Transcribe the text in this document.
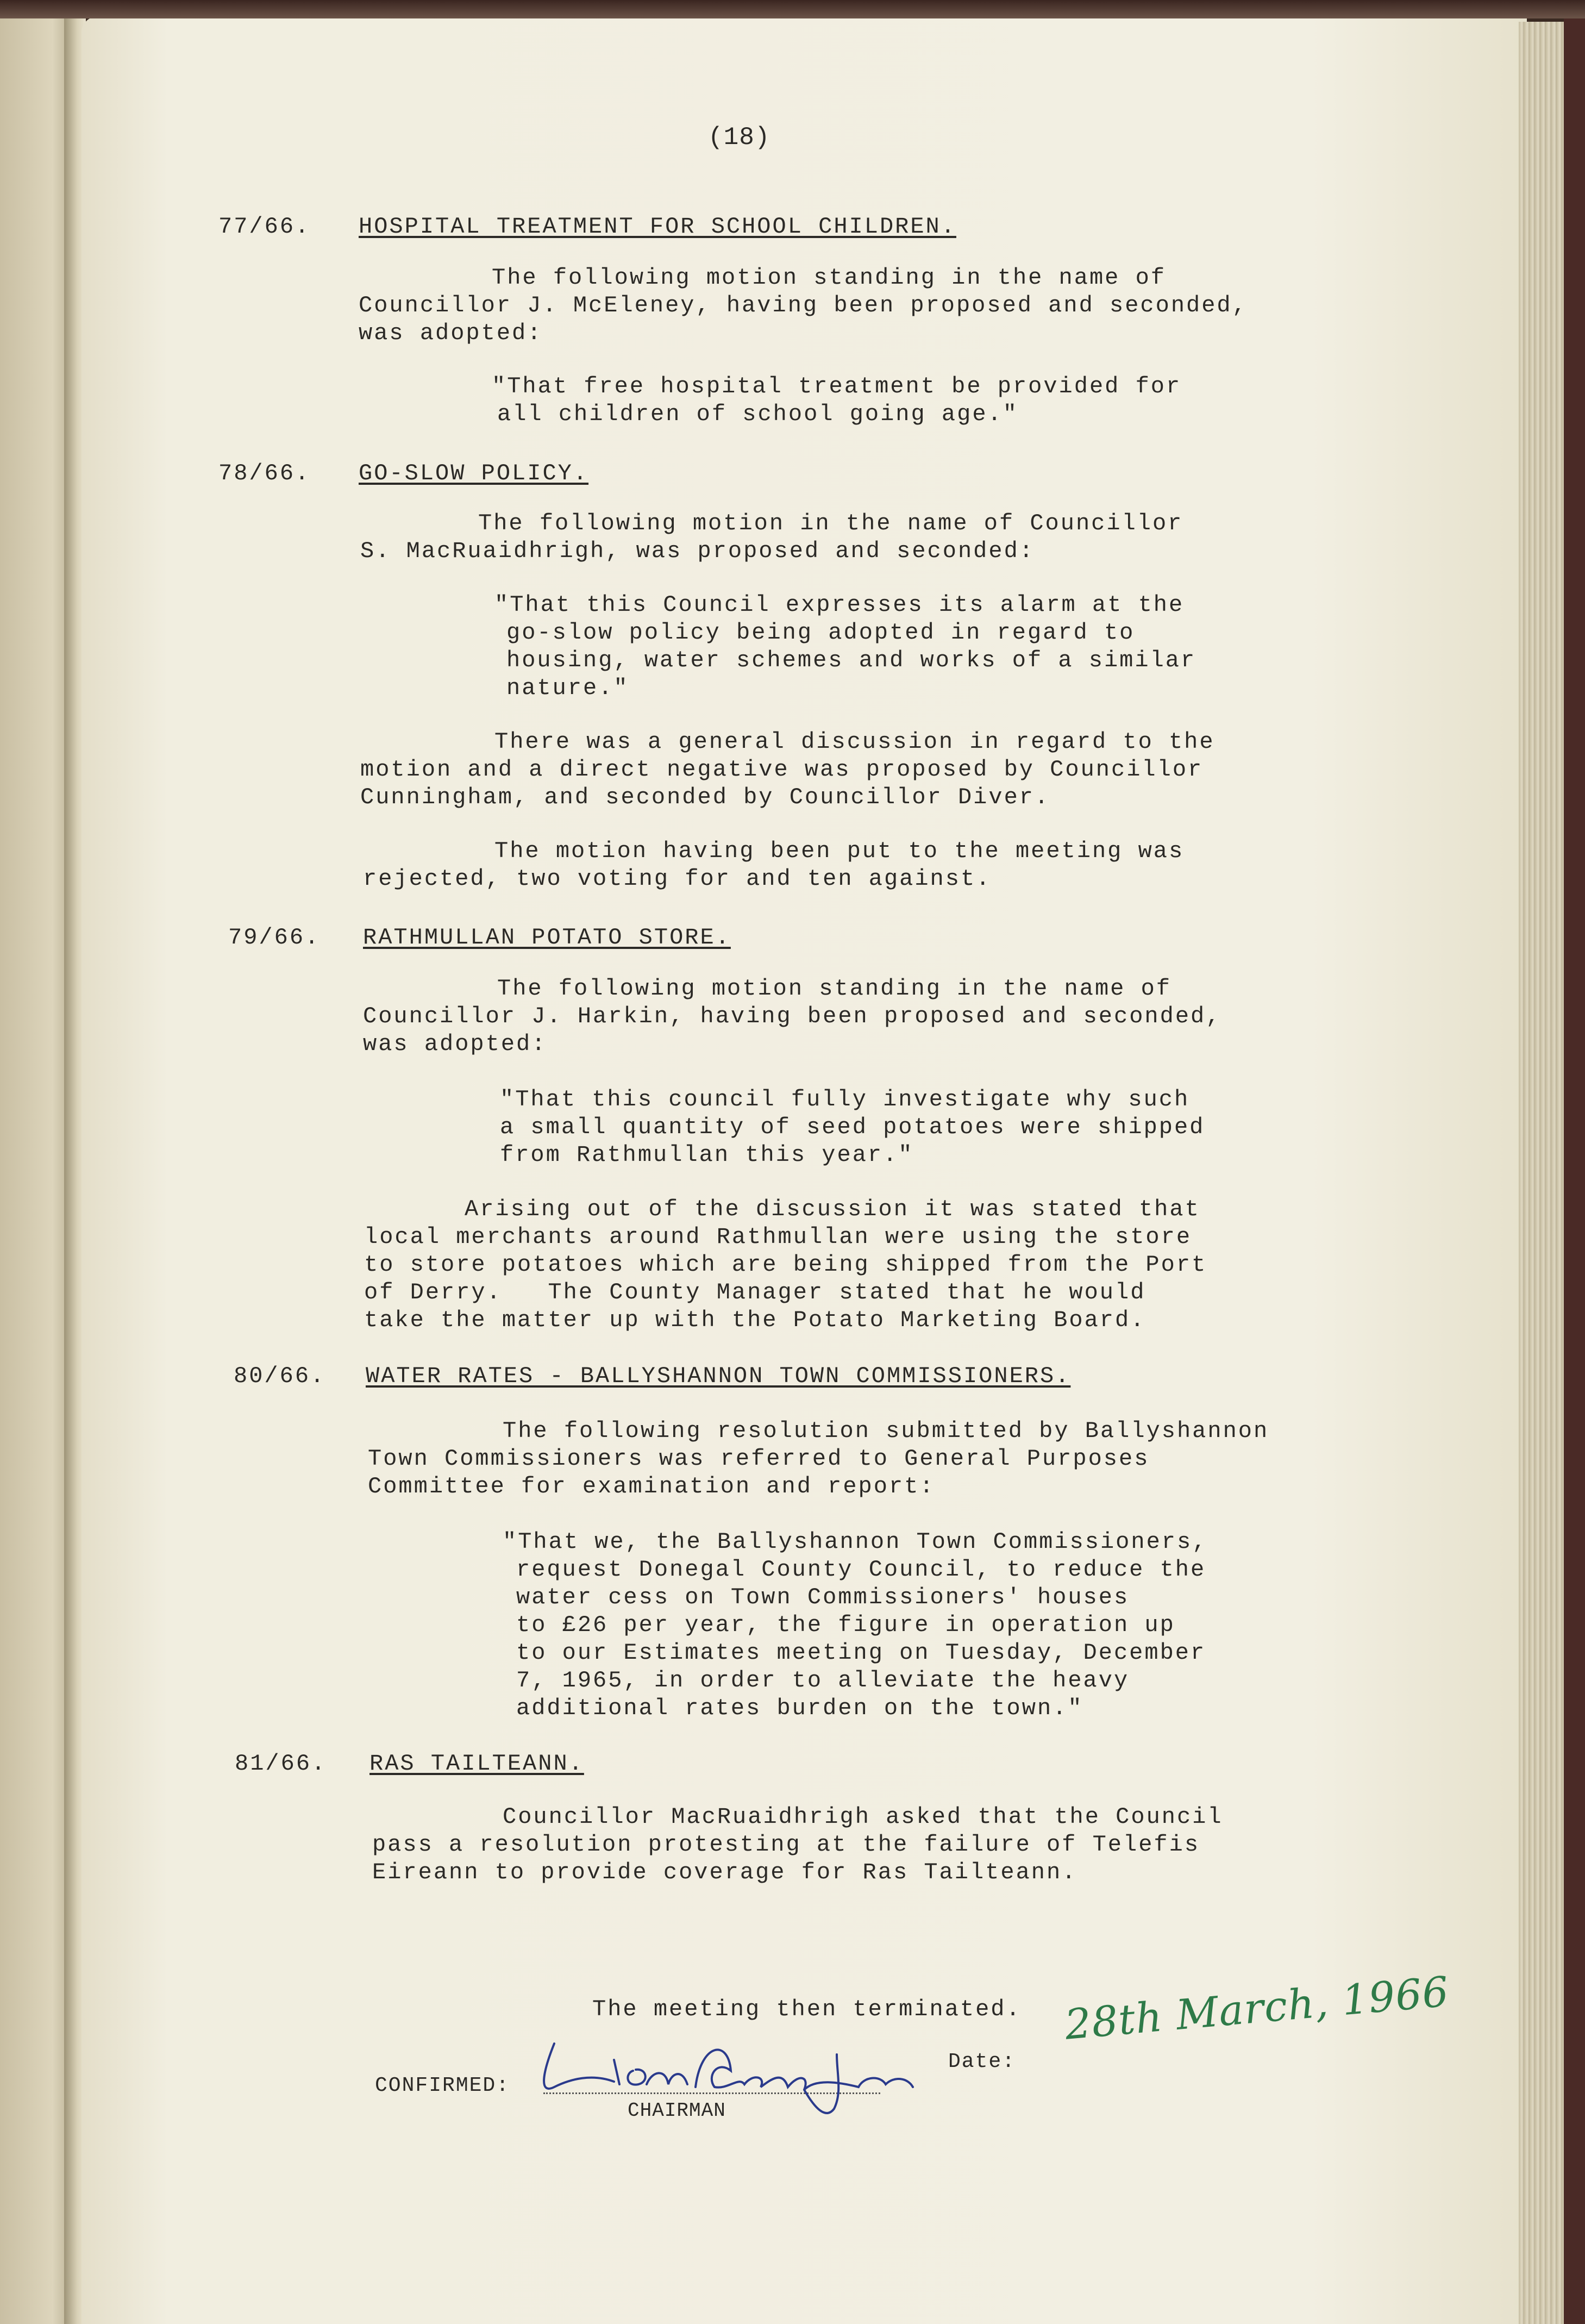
(18)

77/66. HOSPITAL TREATMENT FOR SCHOOL CHILDREN.

The following motion standing in the name of

Councillor J. McEleney, having been proposed and seconded,

was adopted:

"That free hospital treatment be provided for

all children of school going age."

78/66. GO-SLOW POLICY.

The following motion in the name of Councillor

S. MacRuaidhrigh, was proposed and seconded:

"That this Council expresses its alarm at the

go-slow policy being adopted in regard to

housing, water schemes and works of a similar

nature."

There was a general discussion in regard to the

motion and a direct negative was proposed by Councillor

Cunningham, and seconded by Councillor Diver.

The motion having been put to the meeting was

rejected, two voting for and ten against.

79/66. RATHMULLAN POTATO STORE.

The following motion standing in the name of

Councillor J. Harkin, having been proposed and seconded,

was adopted:

"That this council fully investigate why such

a small quantity of seed potatoes were shipped

from Rathmullan this year."

Arising out of the discussion it was stated that

local merchants around Rathmullan were using the store

to store potatoes which are being shipped from the Port

of Derry.   The County Manager stated that he would

take the matter up with the Potato Marketing Board.

80/66. WATER RATES - BALLYSHANNON TOWN COMMISSIONERS.

The following resolution submitted by Ballyshannon

Town Commissioners was referred to General Purposes

Committee for examination and report:

"That we, the Ballyshannon Town Commissioners,

request Donegal County Council, to reduce the

water cess on Town Commissioners' houses

to £26 per year, the figure in operation up

to our Estimates meeting on Tuesday, December

7, 1965, in order to alleviate the heavy

additional rates burden on the town."

81/66. RAS TAILTEANN.

Councillor MacRuaidhrigh asked that the Council

pass a resolution protesting at the failure of Telefis

Eireann to provide coverage for Ras Tailteann.

The meeting then terminated.

CONFIRMED:

CHAIRMAN

Date:

28th March, 1966
